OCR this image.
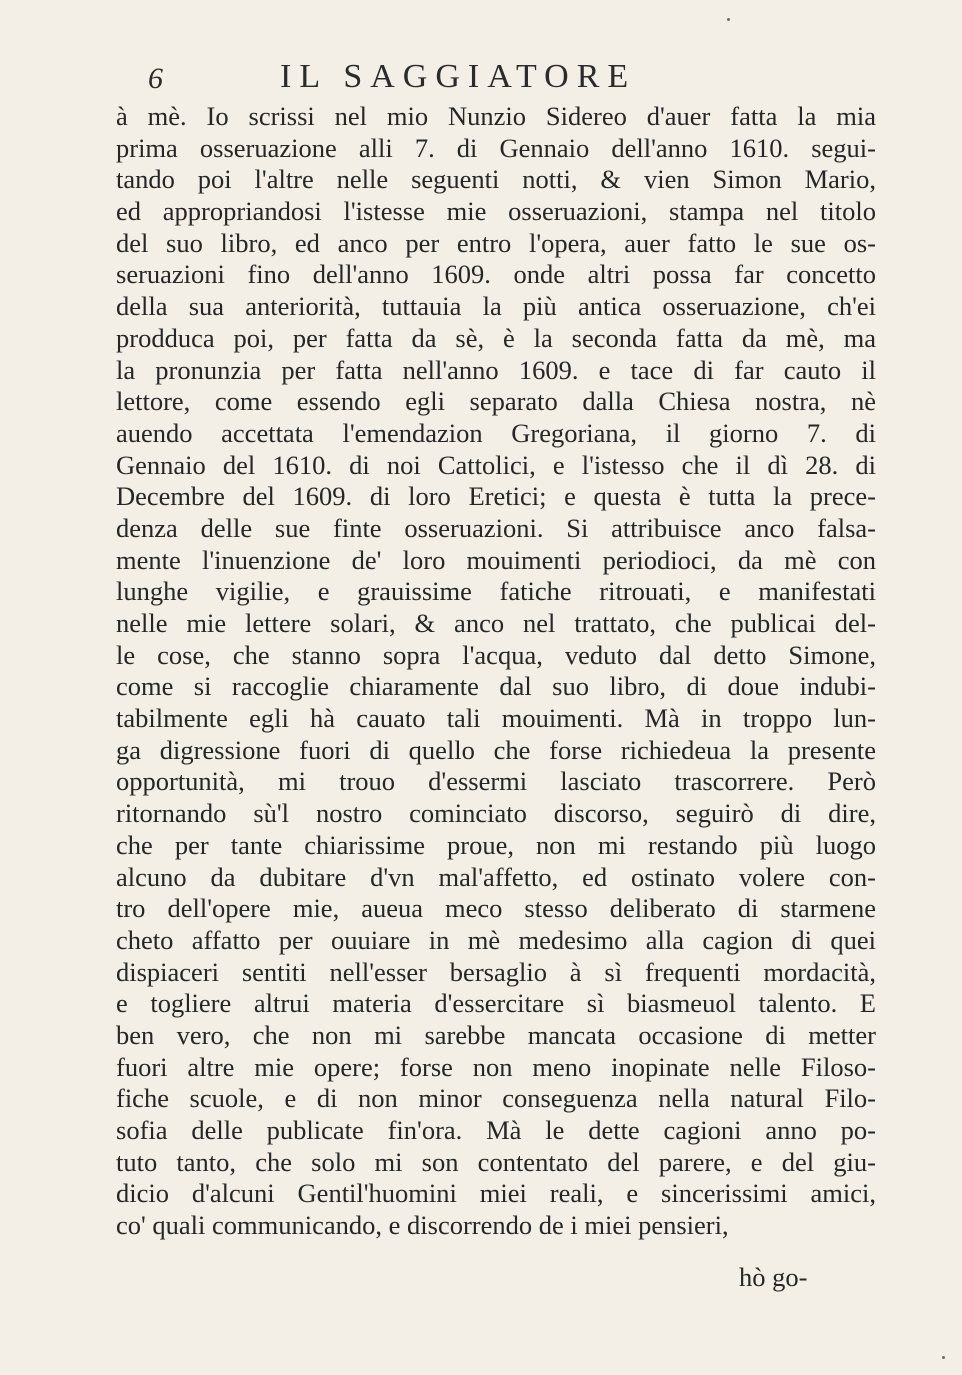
6	IL SAGGIATORE
à mè. Io scrissi nel mio Nunzio Sidereo d'auer fatta la mia
prima osseruazione alli 7. di Gennaio dell'anno 1610. segui-
tando poi l'altre nelle seguenti notti, & vien Simon Mario,
ed appropriandosi l'istesse mie osseruazioni, stampa nel titolo
del suo libro, ed anco per entro l'opera, auer fatto le sue os-
seruazioni fino dell'anno 1609. onde altri possa far concetto
della sua anteriorità, tuttauia la più antica osseruazione, ch'ei
prodduca poi, per fatta da sè, è la seconda fatta da mè, ma
la pronunzia per fatta nell'anno 1609. e tace di far cauto il
lettore, come essendo egli separato dalla Chiesa nostra, nè
auendo accettata l'emendazion Gregoriana, il giorno 7. di
Gennaio del 1610. di noi Cattolici, e l'istesso che il dì 28. di
Decembre del 1609. di loro Eretici; e questa è tutta la prece-
denza delle sue finte osseruazioni. Si attribuisce anco falsa-
mente l'inuenzione de' loro mouimenti periodioci, da mè con
lunghe vigilie, e grauissime fatiche ritrouati, e manifestati
nelle mie lettere solari, & anco nel trattato, che publicai del-
le cose, che stanno sopra l'acqua, veduto dal detto Simone,
come si raccoglie chiaramente dal suo libro, di doue indubi-
tabilmente egli hà cauato tali mouimenti. Mà in troppo lun-
ga digressione fuori di quello che forse richiedeua la presente
opportunità, mi trouo d'essermi lasciato trascorrere. Però
ritornando sù'l nostro cominciato discorso, seguirò di dire,
che per tante chiarissime proue, non mi restando più luogo
alcuno da dubitare d'vn mal'affetto, ed ostinato volere con-
tro dell'opere mie, aueua meco stesso deliberato di starmene
cheto affatto per ouuiare in mè medesimo alla cagion di quei
dispiaceri sentiti nell'esser bersaglio à sì frequenti mordacità,
e togliere altrui materia d'essercitare sì biasmeuol talento. E
ben vero, che non mi sarebbe mancata occasione di metter
fuori altre mie opere; forse non meno inopinate nelle Filoso-
fiche scuole, e di non minor conseguenza nella natural Filo-
sofia delle publicate fin'ora. Mà le dette cagioni anno po-
tuto tanto, che solo mi son contentato del parere, e del giu-
dicio d'alcuni Gentil'huomini miei reali, e sincerissimi amici,
co' quali communicando, e discorrendo de i miei pensieri,
hò go-
